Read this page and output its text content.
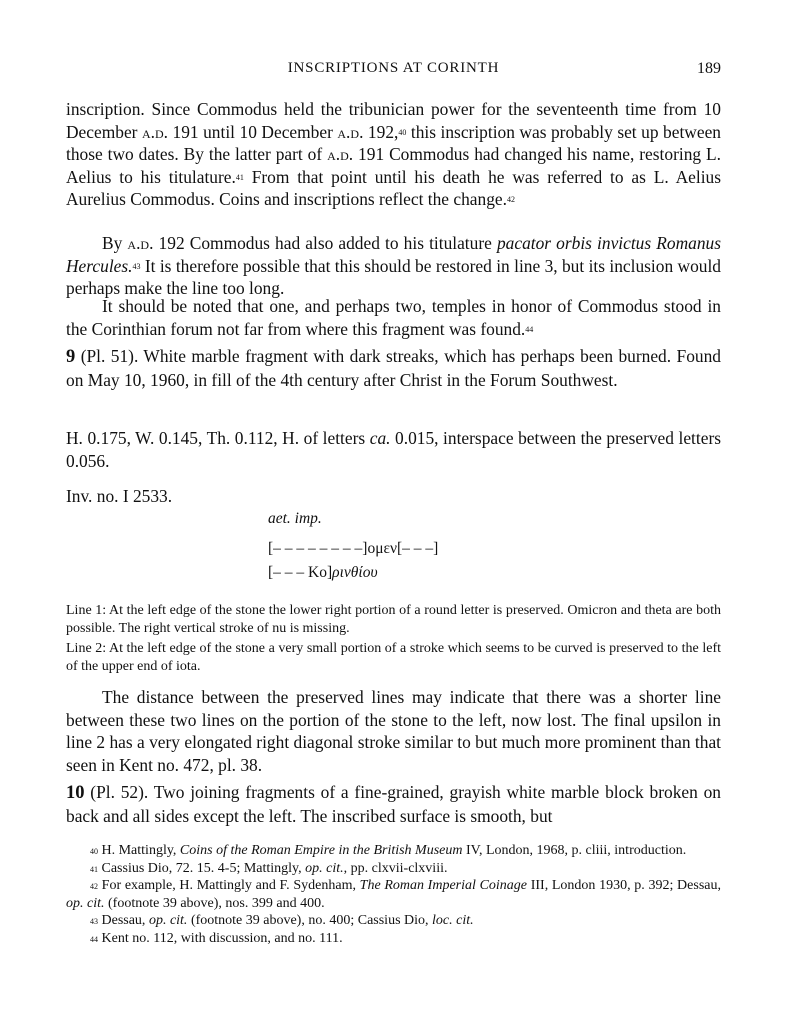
INSCRIPTIONS AT CORINTH	189

inscription. Since Commodus held the tribunician power for the seventeenth time from 10 December a.d. 191 until 10 December a.d. 192,40 this inscription was probably set up between those two dates. By the latter part of a.d. 191 Commodus had changed his name, restoring L. Aelius to his titulature.$^{41}$ From that point until his death he was referred to as L. Aelius Aurelius Commodus. Coins and inscriptions reflect the change.$^{42}$

By a.d. 192 Commodus had also added to his titulature pacator orbis invictus Romanus Hercules.$^{43}$ It is therefore possible that this should be restored in line 3, but its inclusion would perhaps make the line too long.

It should be noted that one, and perhaps two, temples in honor of Commodus stood in the Corinthian forum not far from where this fragment was found.$^{44}$

9 (Pl. 51). White marble fragment with dark streaks, which has perhaps been burned. Found on May 10, 1960, in fill of the 4th century after Christ in the Forum Southwest.

H. 0.175, W. 0.145, Th. 0.112, H. of letters ca. 0.015, interspace between the preserved letters 0.056.

Inv. no. I 2533.

aet. imp.
[– – – – – – – –]ομεν[– – –]
[– – – Κο]ρινθίου

Line 1: At the left edge of the stone the lower right portion of a round letter is preserved. Omicron and theta are both possible. The right vertical stroke of nu is missing.

Line 2: At the left edge of the stone a very small portion of a stroke which seems to be curved is preserved to the left of the upper end of iota.

The distance between the preserved lines may indicate that there was a shorter line between these two lines on the portion of the stone to the left, now lost. The final upsilon in line 2 has a very elongated right diagonal stroke similar to but much more prominent than that seen in Kent no. 472, pl. 38.

10 (Pl. 52). Two joining fragments of a fine-grained, grayish white marble block broken on back and all sides except the left. The inscribed surface is smooth, but

$^{40}$ H. Mattingly, Coins of the Roman Empire in the British Museum IV, London, 1968, p. cliii, introduction.

$^{41}$ Cassius Dio, 72. 15. 4-5; Mattingly, op. cit., pp. clxvii-clxviii.

$^{42}$ For example, H. Mattingly and F. Sydenham, The Roman Imperial Coinage III, London 1930, p. 392; Dessau, op. cit. (footnote 39 above), nos. 399 and 400.

$^{43}$ Dessau, op. cit. (footnote 39 above), no. 400; Cassius Dio, loc. cit.

$^{44}$ Kent no. 112, with discussion, and no. 111.
